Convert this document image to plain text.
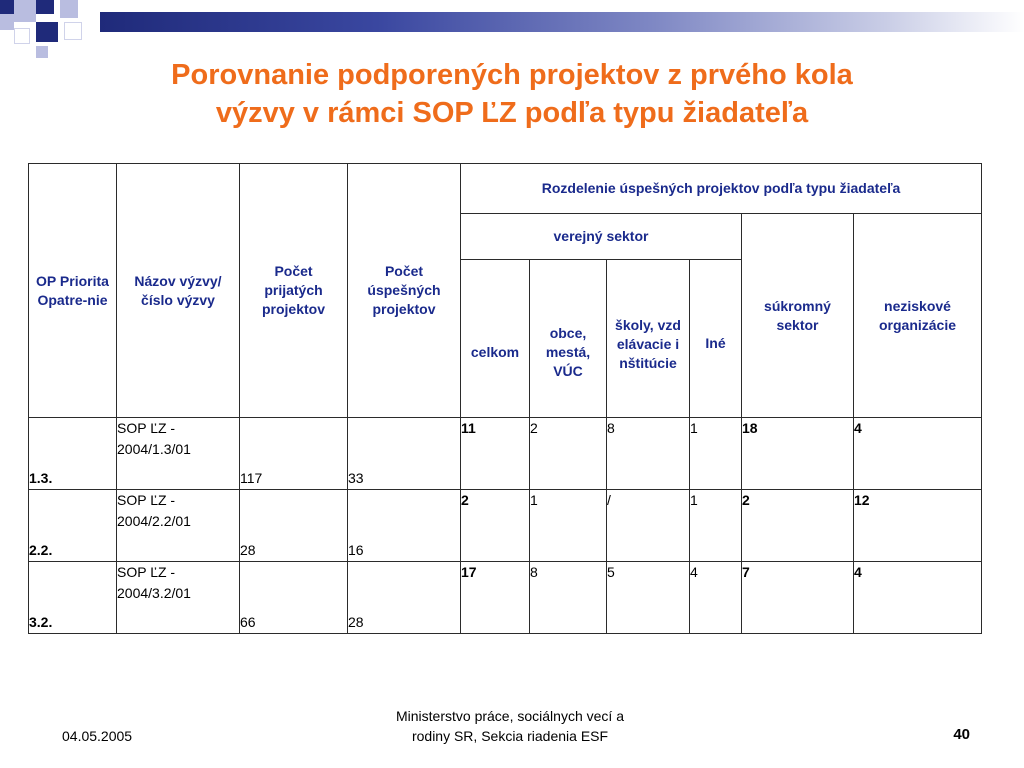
Porovnanie podporených projektov z prvého kola
výzvy v rámci SOP ĽZ podľa typu žiadateľa
OP Priorita Opatre-nie	Názov výzvy/ číslo výzvy	Počet prijatých projektov	Počet úspešných projektov	Rozdelenie úspešných projektov podľa typu žiadateľa					
				verejný sektor				súkromný sektor	neziskové organizácie
				celkom	obce, mestá, VÚC	školy, vzdelávacie inštitúcie	Iné		
1.3.	SOP ĽZ - 2004/1.3/01	117	33	11	2	8	1	18	4
2.2.	SOP ĽZ - 2004/2.2/01	28	16	2	1	/	1	2	12
3.2.	SOP ĽZ - 2004/3.2/01	66	28	17	8	5	4	7	4
04.05.2005
Ministerstvo práce, sociálnych vecí a
rodiny SR, Sekcia riadenia ESF	40
